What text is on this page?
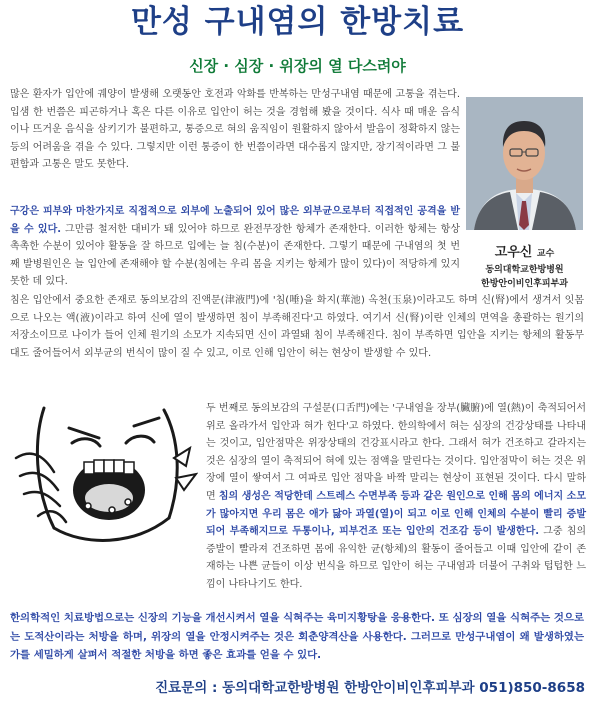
만성 구내염의 한방치료
신장 · 심장 · 위장의 열 다스려야

많은 환자가 입안에 궤양이 발생해 오랫동안 호전과 악화를 반복하는 만성구내염 때문에 고통을 겪는다. 입샘 한 번쯤은 피곤하거나 혹은 다른 이유로 입안이 허는 것을 경험해 봤을 것이다. 식사 때 매운 음식이나 뜨거운 음식을 삼키기가 불편하고, 통증으로 혀의 움직임이 원활하지 않아서 발음이 정확하지 않는 등의 어려움을 겪을 수 있다. 그렇지만 이런 통증이 한 번쯤이라면 대수롭지 않지만, 장기적이라면 그 불편함과 고통은 말도 못한다.

구강은 피부와 마찬가지로 직접적으로 외부에 노출되어 있어 많은 외부균으로부터 직접적인 공격을 받을 수 있다. 그만큼 철저한 대비가 돼 있어야 하므로 완전무장한 항체가 존재한다. 이러한 항체는 항상 촉촉한 수분이 있어야 활동을 잘 하므로 입에는 늘 침(수분)이 존재한다. 그렇기 때문에 구내염의 첫 번째 발병원인은 늘 입안에 존재해야 할 수분(침에는 우리 몸을 지키는 항체가 많이 있다)이 적당하게 있지 못한 데 있다.

고우신 교수
동의대학교한방병원
한방안이비인후피부과

침은 입안에서 중요한 존재로 동의보감의 진액문(津液門)에 '침(唾)을 화지(華池) 옥천(玉泉)이라고도 하며 신(腎)에서 생겨서 잇몸으로 나오는 액(液)이라고 하여 신에 열이 발생하면 침이 부족해진다'고 하였다. 여기서 신(腎)이란 인체의 면역을 총괄하는 원기의 저장소이므로 나이가 들어 인체 원기의 소모가 지속되면 신이 과열돼 침이 부족해진다. 침이 부족하면 입안을 지키는 항체의 활동무대도 줄어들어서 외부균의 번식이 많이 질 수 있고, 이로 인해 입안이 허는 현상이 발생할 수 있다.

두 번째로 동의보감의 구설문(口舌門)에는 '구내염을 장부(臟腑)에 열(熱)이 축적되어서 위로 올라가서 입안과 혀가 헌다'고 하였다. 한의학에서 혀는 심장의 건강상태를 나타내는 것이고, 입안점막은 위장상태의 건강표시라고 한다. 그래서 혀가 건조하고 갈라지는 것은 심장의 열이 축적되어 혀에 있는 점액을 말린다는 것이다. 입안점막이 허는 것은 위장에 열이 쌓여서 그 여파로 입안 점막을 바짝 말리는 현상이 표현된 것이다. 다시 말하면 침의 생성은 적당한데 스트레스 수면부족 등과 같은 원인으로 인해 몸의 에너지 소모가 많아지면 우리 몸은 애가 닳아 과열(열)이 되고 이로 인해 인체의 수분이 빨리 증발되어 부족해지므로 두통이나, 피부건조 또는 입안의 건조감 등이 발생한다. 그중 침의 증발이 빨라져 건조하면 몸에 유익한 균(항체)의 활동이 줄어들고 이때 입안에 같이 존재하는 나쁜 균들이 이상 번식을 하므로 입안이 허는 구내염과 더불어 구취와 텁텁한 느낌이 나타나기도 한다.

한의학적인 치료방법으로는 신장의 기능을 개선시켜서 열을 식혀주는 육미지황탕을 응용한다. 또 심장의 열을 식혀주는 것으로는 도적산이라는 처방을 하며, 위장의 열을 안정시켜주는 것은 회춘양격산을 사용한다. 그러므로 만성구내염이 왜 발생하였는가를 세밀하게 살펴서 적절한 처방을 하면 좋은 효과를 얻을 수 있다.

진료문의 : 동의대학교한방병원 한방안이비인후피부과 051)850-8658
